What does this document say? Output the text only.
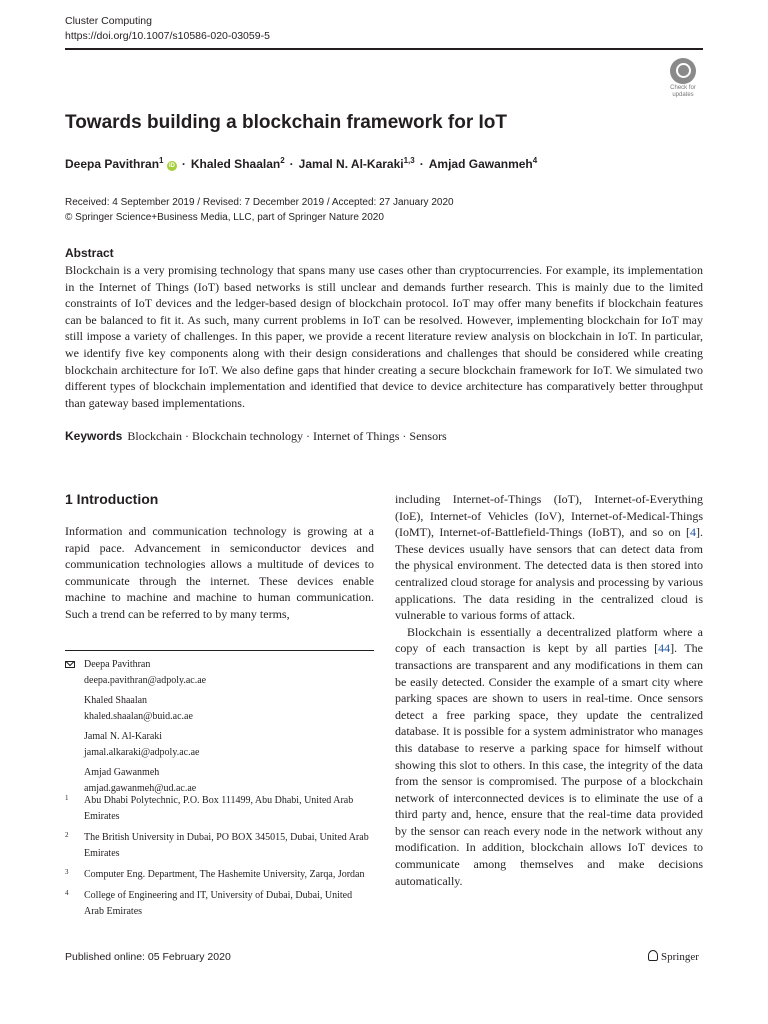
Cluster Computing
https://doi.org/10.1007/s10586-020-03059-5
Check for
updates
Towards building a blockchain framework for IoT
Deepa Pavithran$^1$ iD · Khaled Shaalan$^2$ · Jamal N. Al-Karaki$^{1,3}$ · Amjad Gawanmeh$^4$
Received: 4 September 2019 / Revised: 7 December 2019 / Accepted: 27 January 2020
© Springer Science+Business Media, LLC, part of Springer Nature 2020
Abstract
Blockchain is a very promising technology that spans many use cases other than cryptocurrencies. For example, its implementation in the Internet of Things (IoT) based networks is still unclear and demands further research. This is mainly due to the limited constraints of IoT devices and the ledger-based design of blockchain protocol. IoT may offer many benefits if blockchain features can be balanced to fit it. As such, many current problems in IoT can be resolved. However, implementing blockchain for IoT may still impose a variety of challenges. In this paper, we provide a recent literature review analysis on blockchain in IoT. In particular, we identify five key components along with their design considerations and challenges that should be considered while creating blockchain architecture for IoT. We also define gaps that hinder creating a secure blockchain framework for IoT. We simulated two different types of blockchain implementation and identified that device to device architecture has comparatively better throughput than gateway based implementations.
Keywords Blockchain · Blockchain technology · Internet of Things · Sensors
1 Introduction
Information and communication technology is growing at a rapid pace. Advancement in semiconductor devices and communication technologies allows a multitude of devices to communicate through the internet. These devices enable machine to machine and machine to human communication. Such a trend can be referred to by many terms,
Deepa Pavithran
deepa.pavithran@adpoly.ac.ae
Khaled Shaalan
khaled.shaalan@buid.ac.ae
Jamal N. Al-Karaki
jamal.alkaraki@adpoly.ac.ae
Amjad Gawanmeh
amjad.gawanmeh@ud.ac.ae
1 Abu Dhabi Polytechnic, P.O. Box 111499, Abu Dhabi, United Arab Emirates
2 The British University in Dubai, PO BOX 345015, Dubai, United Arab Emirates
3 Computer Eng. Department, The Hashemite University, Zarqa, Jordan
4 College of Engineering and IT, University of Dubai, Dubai, United Arab Emirates

including Internet-of-Things (IoT), Internet-of-Everything (IoE), Internet-of Vehicles (IoV), Internet-of-Medical-Things (IoMT), Internet-of-Battlefield-Things (IoBT), and so on [4]. These devices usually have sensors that can detect data from the physical environment. The detected data is then stored into centralized cloud storage for analysis and processing by various applications. The data residing in the centralized cloud is vulnerable to various forms of attack.

Blockchain is essentially a decentralized platform where a copy of each transaction is kept by all parties [44]. The transactions are transparent and any modifications in them can be easily detected. Consider the example of a smart city where parking spaces are shown to users in real-time. Once sensors detect a free parking space, they update the centralized database. It is possible for a system administrator who manages this database to reserve a parking space for himself without showing this slot to others. In this case, the integrity of the data from the sensor is compromised. The purpose of a blockchain network of interconnected devices is to eliminate the use of a third party and, hence, ensure that the real-time data provided by the sensor can reach every node in the network without any modification. In addition, blockchain allows IoT devices to communicate among themselves and make decisions automatically.

Published online: 05 February 2020	Springer
